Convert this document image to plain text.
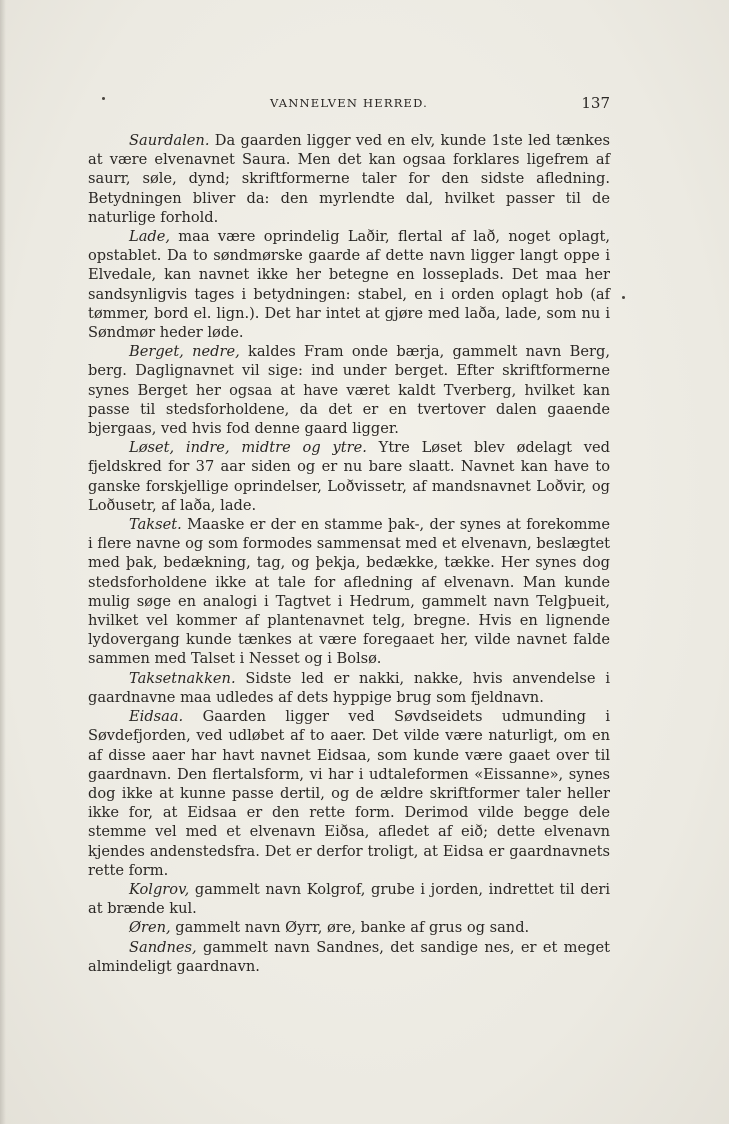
VANNELVEN HERRED.	137

Saurdalen. Da gaarden ligger ved en elv, kunde 1ste led tænkes at være elvenavnet Saura. Men det kan ogsaa forklares ligefrem af saurr, søle, dynd; skriftformerne taler for den sidste afledning. Betydningen bliver da: den myrlendte dal, hvilket passer til de naturlige forhold.

Lade, maa være oprindelig Laðir, flertal af lað, noget oplagt, opstablet. Da to søndmørske gaarde af dette navn ligger langt oppe i Elvedale, kan navnet ikke her betegne en losseplads. Det maa her sandsynligvis tages i betydningen: stabel, en i orden oplagt hob (af tømmer, bord el. lign.). Det har intet at gjøre med laða, lade, som nu i Søndmør heder løde.

Berget, nedre, kaldes Fram onde bærja, gammelt navn Berg, berg. Daglignavnet vil sige: ind under berget. Efter skriftformerne synes Berget her ogsaa at have været kaldt Tverberg, hvilket kan passe til stedsforholdene, da det er en tvertover dalen gaaende bjergaas, ved hvis fod denne gaard ligger.

Løset, indre, midtre og ytre. Ytre Løset blev ødelagt ved fjeldskred for 37 aar siden og er nu bare slaatt. Navnet kan have to ganske forskjellige oprindelser, Loðvissetr, af mandsnavnet Loðvir, og Loðusetr, af laða, lade.

Takset. Maaske er der en stamme þak-, der synes at forekomme i flere navne og som formodes sammensat med et elvenavn, beslægtet med þak, bedækning, tag, og þekja, bedække, tække. Her synes dog stedsforholdene ikke at tale for afledning af elvenavn. Man kunde mulig søge en analogi i Tagtvet i Hedrum, gammelt navn Telgþueit, hvilket vel kommer af plantenavnet telg, bregne. Hvis en lignende lydovergang kunde tænkes at være foregaaet her, vilde navnet falde sammen med Talset i Nesset og i Bolsø.

Taksetnakken. Sidste led er nakki, nakke, hvis anvendelse i gaardnavne maa udledes af dets hyppige brug som fjeldnavn.

Eidsaa. Gaarden ligger ved Søvdseidets udmunding i Søvdefjorden, ved udløbet af to aaer. Det vilde være naturligt, om en af disse aaer har havt navnet Eidsaa, som kunde være gaaet over til gaardnavn. Den flertalsform, vi har i udtaleformen «Eissanne», synes dog ikke at kunne passe dertil, og de ældre skriftformer taler heller ikke for, at Eidsaa er den rette form. Derimod vilde begge dele stemme vel med et elvenavn Eiðsa, afledet af eið; dette elvenavn kjendes andenstedsfra. Det er derfor troligt, at Eidsa er gaardnavnets rette form.

Kolgrov, gammelt navn Kolgrof, grube i jorden, indrettet til deri at brænde kul.

Øren, gammelt navn Øyrr, øre, banke af grus og sand.

Sandnes, gammelt navn Sandnes, det sandige nes, er et meget almindeligt gaardnavn.
